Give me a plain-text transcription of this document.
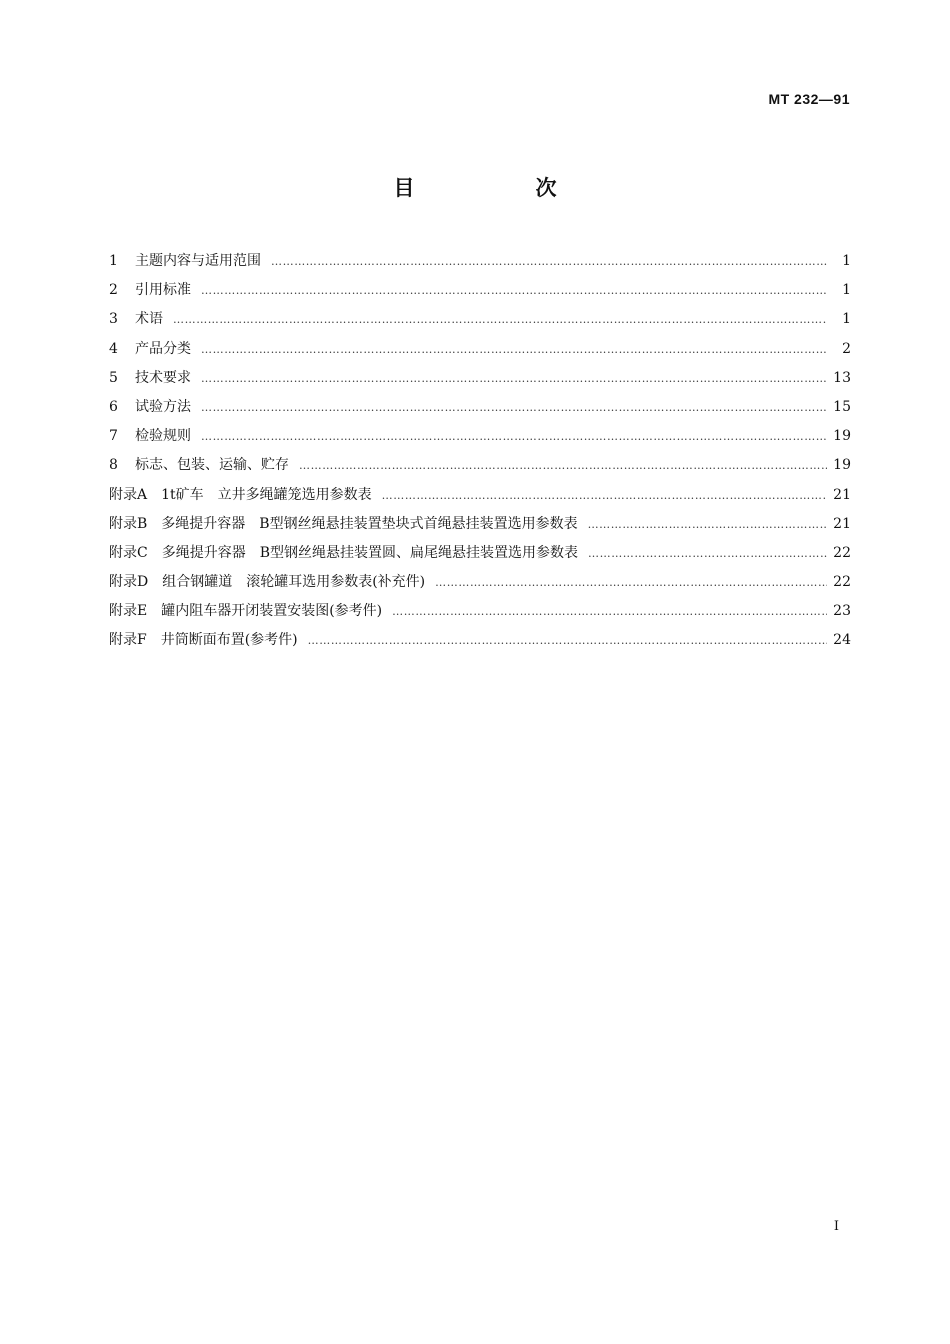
MT 232—91
目　次
1	主题内容与适用范围 …………………………………………………………………………………………………………………………………………………………………………………………………………………………………………………	1
2	引用标准 …………………………………………………………………………………………………………………………………………………………………………………………………………………………………………………	1
3	术语 …………………………………………………………………………………………………………………………………………………………………………………………………………………………………………………	1
4	产品分类 …………………………………………………………………………………………………………………………………………………………………………………………………………………………………………………	2
5	技术要求 …………………………………………………………………………………………………………………………………………………………………………………………………………………………………………………	13
6	试验方法 …………………………………………………………………………………………………………………………………………………………………………………………………………………………………………………	15
7	检验规则 …………………………………………………………………………………………………………………………………………………………………………………………………………………………………………………	19
8	标志、包装、运输、贮存 …………………………………………………………………………………………………………………………………………………………………………………………………………………………………………………	19
附录A　1t矿车　立井多绳罐笼选用参数表 …………………………………………………………………………………………………………………………………………………………………………………………………………………………………………………	21
附录B　多绳提升容器　B型钢丝绳悬挂装置垫块式首绳悬挂装置选用参数表 …………………………………………………………………………………………………………………………………………………………………………………………………………………………………………………	21
附录C　多绳提升容器　B型钢丝绳悬挂装置圆、扁尾绳悬挂装置选用参数表 …………………………………………………………………………………………………………………………………………………………………………………………………………………………………………………	22
附录D　组合钢罐道　滚轮罐耳选用参数表(补充件) …………………………………………………………………………………………………………………………………………………………………………………………………………………………………………………	22
附录E　罐内阻车器开闭装置安装图(参考件) …………………………………………………………………………………………………………………………………………………………………………………………………………………………………………………	23
附录F　井筒断面布置(参考件) …………………………………………………………………………………………………………………………………………………………………………………………………………………………………………………	24
I
